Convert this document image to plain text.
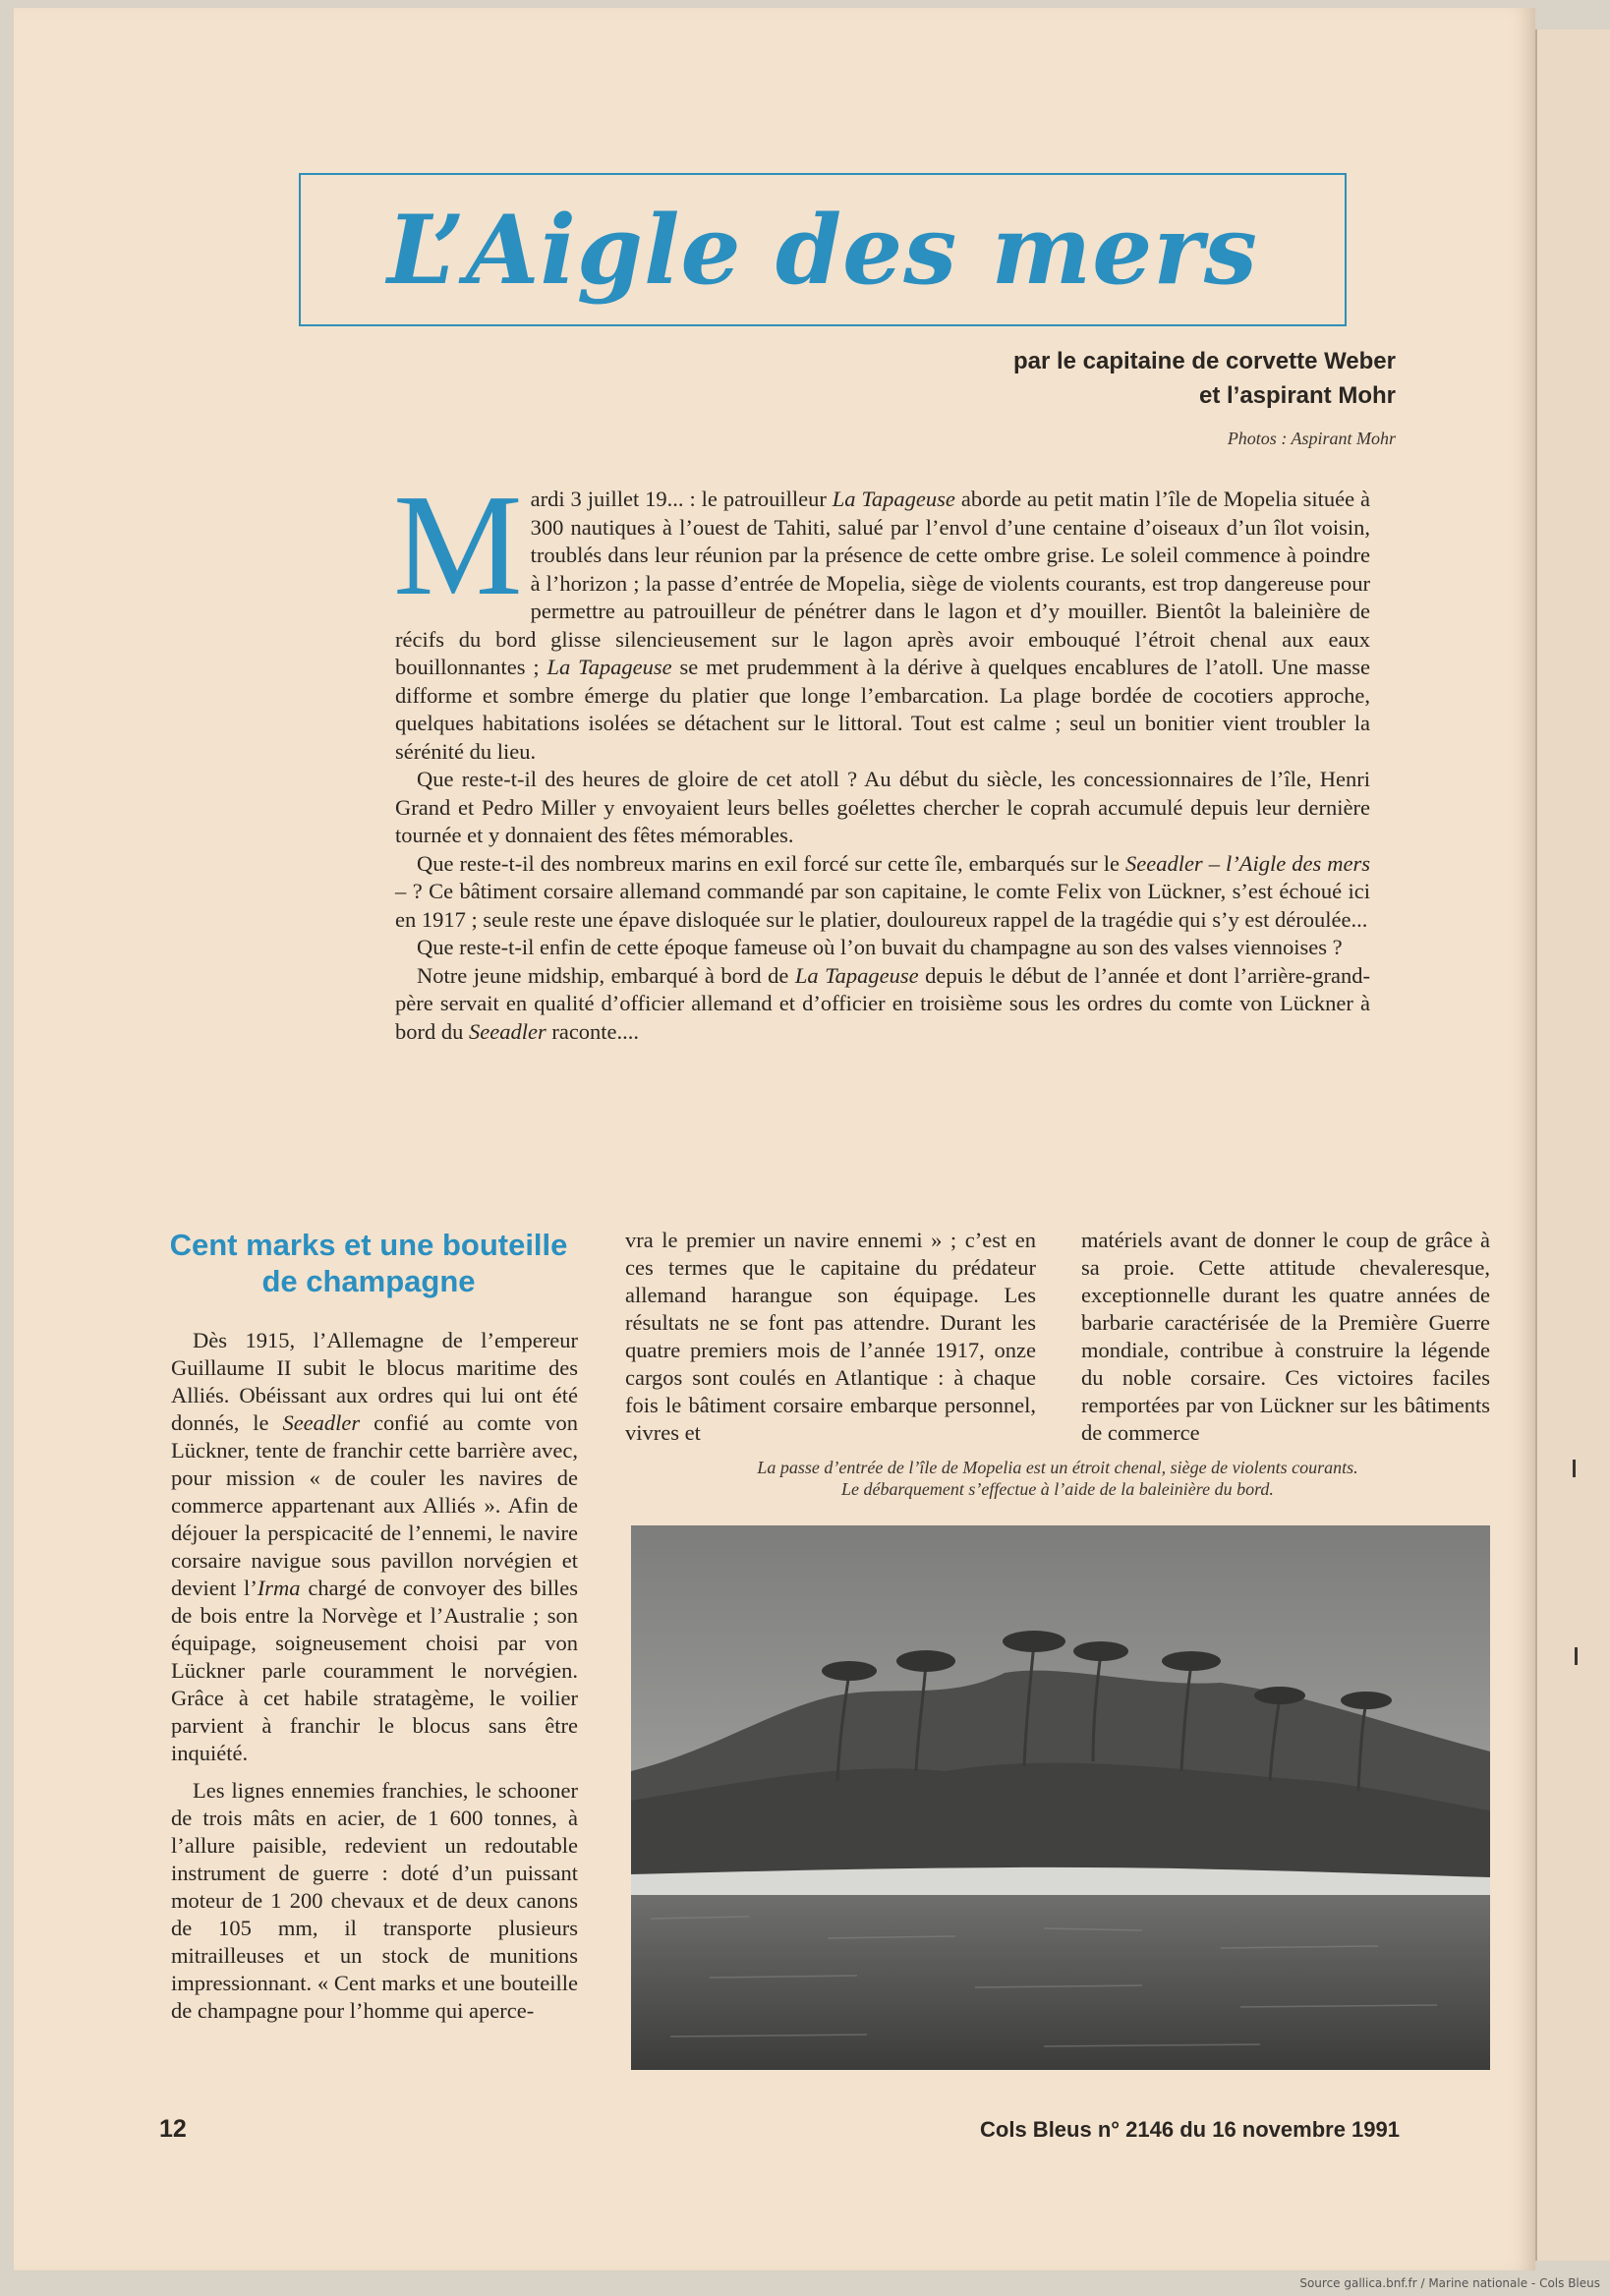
L’Aigle des mers
par le capitaine de corvette Weber
et l’aspirant Mohr
Photos : Aspirant Mohr

Mardi 3 juillet 19... : le patrouilleur La Tapageuse aborde au petit matin l’île de Mopelia située à 300 nautiques à l’ouest de Tahiti, salué par l’envol d’une centaine d’oiseaux d’un îlot voisin, troublés dans leur réunion par la présence de cette ombre grise. Le soleil commence à poindre à l’horizon ; la passe d’entrée de Mopelia, siège de violents courants, est trop dangereuse pour permettre au patrouilleur de pénétrer dans le lagon et d’y mouiller. Bientôt la baleinière de récifs du bord glisse silencieusement sur le lagon après avoir embouqué l’étroit chenal aux eaux bouillonnantes ; La Tapageuse se met prudemment à la dérive à quelques encablures de l’atoll. Une masse difforme et sombre émerge du platier que longe l’embarcation. La plage bordée de cocotiers approche, quelques habitations isolées se détachent sur le littoral. Tout est calme ; seul un bonitier vient troubler la sérénité du lieu.

Que reste-t-il des heures de gloire de cet atoll ? Au début du siècle, les concessionnaires de l’île, Henri Grand et Pedro Miller y envoyaient leurs belles goélettes chercher le coprah accumulé depuis leur dernière tournée et y donnaient des fêtes mémorables.

Que reste-t-il des nombreux marins en exil forcé sur cette île, embarqués sur le Seeadler – l’Aigle des mers – ? Ce bâtiment corsaire allemand commandé par son capitaine, le comte Felix von Lückner, s’est échoué ici en 1917 ; seule reste une épave disloquée sur le platier, douloureux rappel de la tragédie qui s’y est déroulée...

Que reste-t-il enfin de cette époque fameuse où l’on buvait du champagne au son des valses viennoises ?

Notre jeune midship, embarqué à bord de La Tapageuse depuis le début de l’année et dont l’arrière-grand-père servait en qualité d’officier allemand et d’officier en troisième sous les ordres du comte von Lückner à bord du Seeadler raconte....

Cent marks et une bouteille de champagne

Dès 1915, l’Allemagne de l’empereur Guillaume II subit le blocus maritime des Alliés. Obéissant aux ordres qui lui ont été donnés, le Seeadler confié au comte von Lückner, tente de franchir cette barrière avec, pour mission « de couler les navires de commerce appartenant aux Alliés ». Afin de déjouer la perspicacité de l’ennemi, le navire corsaire navigue sous pavillon norvégien et devient l’Irma chargé de convoyer des billes de bois entre la Norvège et l’Australie ; son équipage, soigneusement choisi par von Lückner parle couramment le norvégien. Grâce à cet habile stratagème, le voilier parvient à franchir le blocus sans être inquiété.

Les lignes ennemies franchies, le schooner de trois mâts en acier, de 1 600 tonnes, à l’allure paisible, redevient un redoutable instrument de guerre : doté d’un puissant moteur de 1 200 chevaux et de deux canons de 105 mm, il transporte plusieurs mitrailleuses et un stock de munitions impressionnant. « Cent marks et une bouteille de champagne pour l’homme qui aperce-

vra le premier un navire ennemi » ; c’est en ces termes que le capitaine du prédateur allemand harangue son équipage. Les résultats ne se font pas attendre. Durant les quatre premiers mois de l’année 1917, onze cargos sont coulés en Atlantique : à chaque fois le bâtiment corsaire embarque personnel, vivres et

matériels avant de donner le coup de grâce à sa proie. Cette attitude chevaleresque, exceptionnelle durant les quatre années de barbarie caractérisée de la Première Guerre mondiale, contribue à construire la légende du noble corsaire. Ces victoires faciles remportées par von Lückner sur les bâtiments de commerce

La passe d’entrée de l’île de Mopelia est un étroit chenal, siège de violents courants.
Le débarquement s’effectue à l’aide de la baleinière du bord.
12	Cols Bleus n° 2146 du 16 novembre 1991
Source gallica.bnf.fr / Marine nationale - Cols Bleus
